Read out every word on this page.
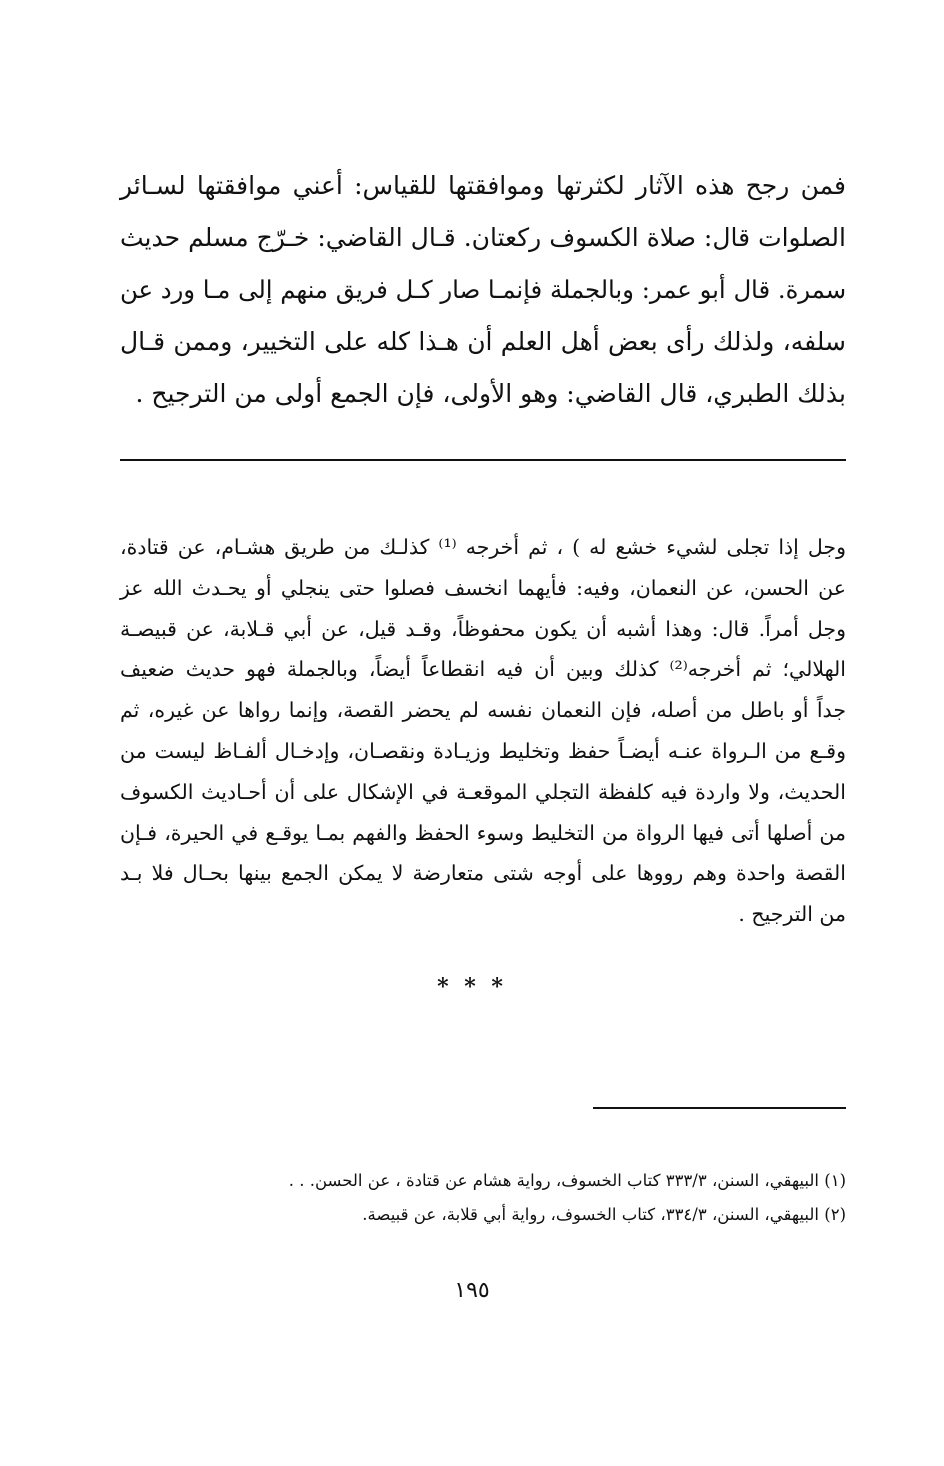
فمن رجح هذه الآثار لكثرتها وموافقتها للقياس: أعني موافقتها لسـائر
الصلوات قال: صلاة الكسوف ركعتان. قـال القاضي: خـرّج مسلم حديث
سمرة. قال أبو عمر: وبالجملة فإنمـا صار كـل فريق منهم إلى مـا ورد عن
سلفه، ولذلك رأى بعض أهل العلم أن هـذا كله على التخيير، وممن قـال
بذلك الطبري، قال القاضي: وهو الأولى، فإن الجمع أولى من الترجيح .
وجل إذا تجلى لشيء خشع له ) ، ثم أخرجه ⁽¹⁾ كذلـك من طريق هشـام، عن قتادة،
عن الحسن، عن النعمان، وفيه: فأيهما انخسف فصلوا حتى ينجلي أو يحـدث الله عز
وجل أمراً. قال: وهذا أشبه أن يكون محفوظاً، وقـد قيل، عن أبي قـلابة، عن قبيصـة
الهلالي؛ ثم أخرجه⁽²⁾ كذلك وبين أن فيه انقطاعاً أيضاً، وبالجملة فهو حديث ضعيف
جداً أو باطل من أصله، فإن النعمان نفسه لم يحضر القصة، وإنما رواها عن غيره، ثم
وقـع من الـرواة عنـه أيضـاً حفظ وتخليط وزيـادة ونقصـان، وإدخـال ألفـاظ ليست من
الحديث، ولا واردة فيه كلفظة التجلي الموقعـة في الإشكال على أن أحـاديث الكسوف
من أصلها أتى فيها الرواة من التخليط وسوء الحفظ والفهم بمـا يوقـع في الحيرة، فـإن
القصة واحدة وهم رووها على أوجه شتى متعارضة لا يمكن الجمع بينها بحـال فلا بـد
من الترجيح .
* * *
(١) البيهقي، السنن، ٣٣٣/٣ كتاب الخسوف، رواية هشام عن قتادة ، عن الحسن. . .
(٢) البيهقي، السنن، ٣٣٤/٣، كتاب الخسوف، رواية أبي قلابة، عن قبيصة.
١٩٥
